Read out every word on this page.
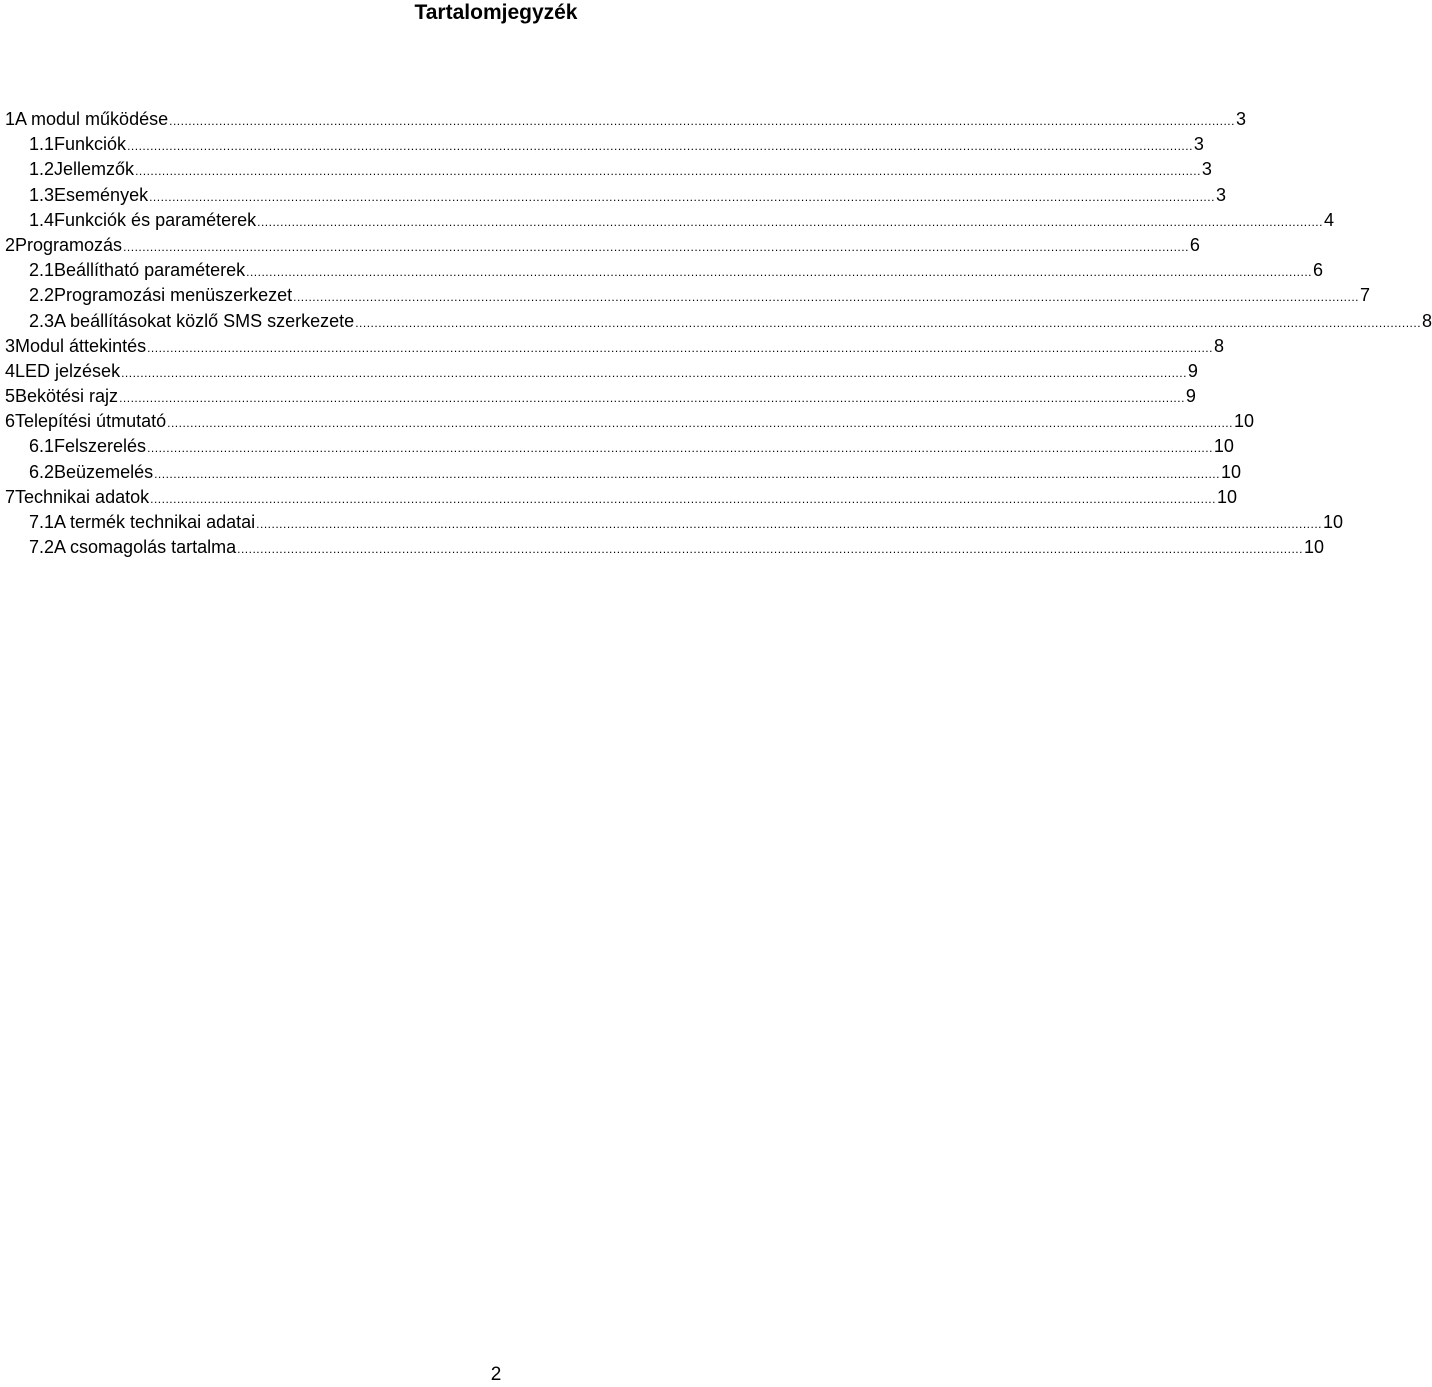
Tartalomjegyzék
1 A modul működése .....	3
1.1 Funkciók .....	3
1.2 Jellemzők .....	3
1.3 Események .....	3
1.4 Funkciók és paraméterek .....	4
2 Programozás .....	6
2.1 Beállítható paraméterek .....	6
2.2 Programozási menüszerkezet .....	7
2.3 A beállításokat közlő SMS szerkezete .....	8
3 Modul áttekintés .....	8
4 LED jelzések .....	9
5 Bekötési rajz .....	9
6 Telepítési útmutató .....	10
6.1 Felszerelés .....	10
6.2 Beüzemelés .....	10
7 Technikai adatok .....	10
7.1 A termék technikai adatai .....	10
7.2 A csomagolás tartalma .....	10
2
